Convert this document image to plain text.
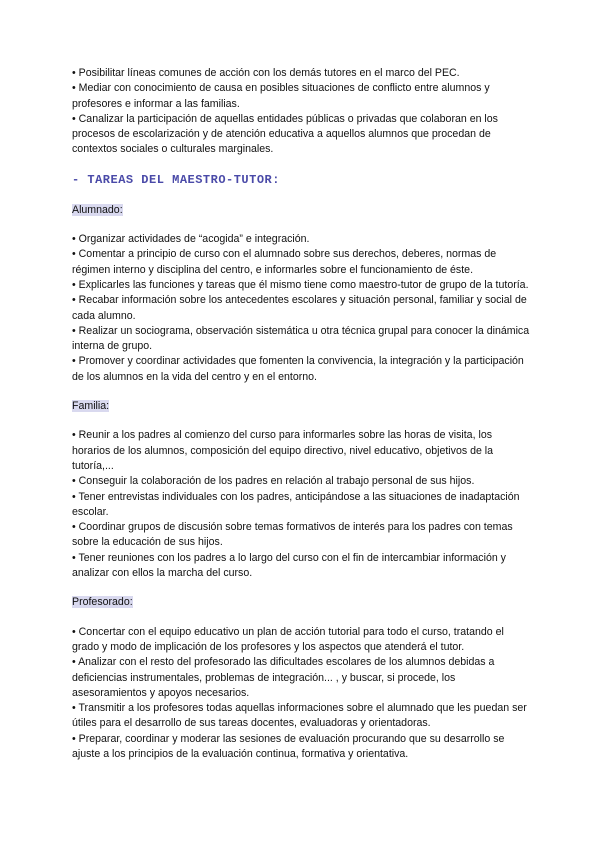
• Posibilitar líneas comunes de acción con los demás tutores en el marco del PEC.

• Mediar con conocimiento de causa en posibles situaciones de conflicto entre alumnos y profesores e informar a las familias.

• Canalizar la participación de aquellas entidades públicas o privadas que colaboran en los procesos de escolarización y de atención educativa a aquellos alumnos que procedan de contextos sociales o culturales marginales.

- TAREAS DEL MAESTRO-TUTOR:

Alumnado:

• Organizar actividades de “acogida” e integración.

• Comentar a principio de curso con el alumnado sobre sus derechos, deberes, normas de régimen interno y disciplina del centro, e informarles sobre el funcionamiento de éste.

• Explicarles las funciones y tareas que él mismo tiene como maestro-tutor de grupo de la tutoría.

• Recabar información sobre los antecedentes escolares y situación personal, familiar y social de cada alumno.

• Realizar un sociograma, observación sistemática u otra técnica grupal para conocer la dinámica interna de grupo.

• Promover y coordinar actividades que fomenten la convivencia, la integración y la participación de los alumnos en la vida del centro y en el entorno.

Familia:

• Reunir a los padres al comienzo del curso para informarles sobre las horas de visita, los horarios de los alumnos, composición del equipo directivo, nivel educativo, objetivos de la tutoría,...

• Conseguir la colaboración de los padres en relación al trabajo personal de sus hijos.

• Tener entrevistas individuales con los padres, anticipándose a las situaciones de inadaptación escolar.

• Coordinar grupos de discusión sobre temas formativos de interés para los padres con temas sobre la educación de sus hijos.

• Tener reuniones con los padres a lo largo del curso con el fin de intercambiar información y analizar con ellos la marcha del curso.

Profesorado:

• Concertar con el equipo educativo un plan de acción tutorial para todo el curso, tratando el grado y modo de implicación de los profesores y los aspectos que atenderá el tutor.

• Analizar con el resto del profesorado las dificultades escolares de los alumnos debidas a deficiencias instrumentales, problemas de integración... , y buscar, si procede, los asesoramientos y apoyos necesarios.

• Transmitir a los profesores todas aquellas informaciones sobre el alumnado que les puedan ser útiles para el desarrollo de sus tareas docentes, evaluadoras y orientadoras.

• Preparar, coordinar y moderar las sesiones de evaluación procurando que su desarrollo se ajuste a los principios de la evaluación continua, formativa y orientativa.
